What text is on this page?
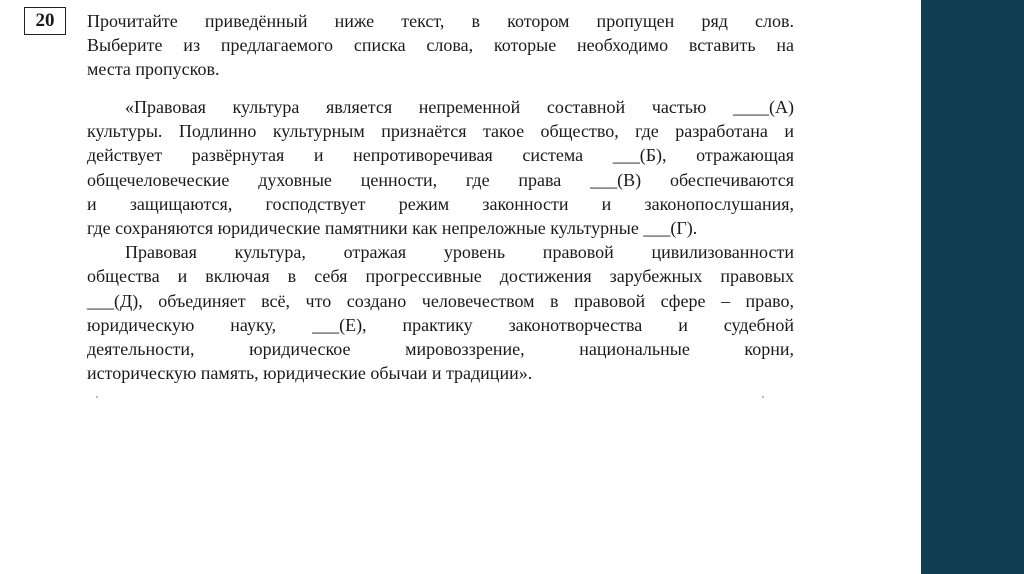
20	Прочитайте приведённый ниже текст, в котором пропущен ряд слов.
Выберите из предлагаемого списка слова, которые необходимо вставить на
места пропусков.
«Правовая культура является непременной составной частью ____(А)
культуры. Подлинно культурным признаётся такое общество, где разработана и
действует развёрнутая и непротиворечивая система ___(Б), отражающая
общечеловеческие духовные ценности, где права ___(В) обеспечиваются
и защищаются, господствует режим законности и законопослушания,
где сохраняются юридические памятники как непреложные культурные ___(Г).
Правовая культура, отражая уровень правовой цивилизованности
общества и включая в себя прогрессивные достижения зарубежных правовых
___(Д), объединяет всё, что создано человечеством в правовой сфере – право,
юридическую науку, ___(Е), практику законотворчества и судебной
деятельности, юридическое мировоззрение, национальные корни,
историческую память, юридические обычаи и традиции».
